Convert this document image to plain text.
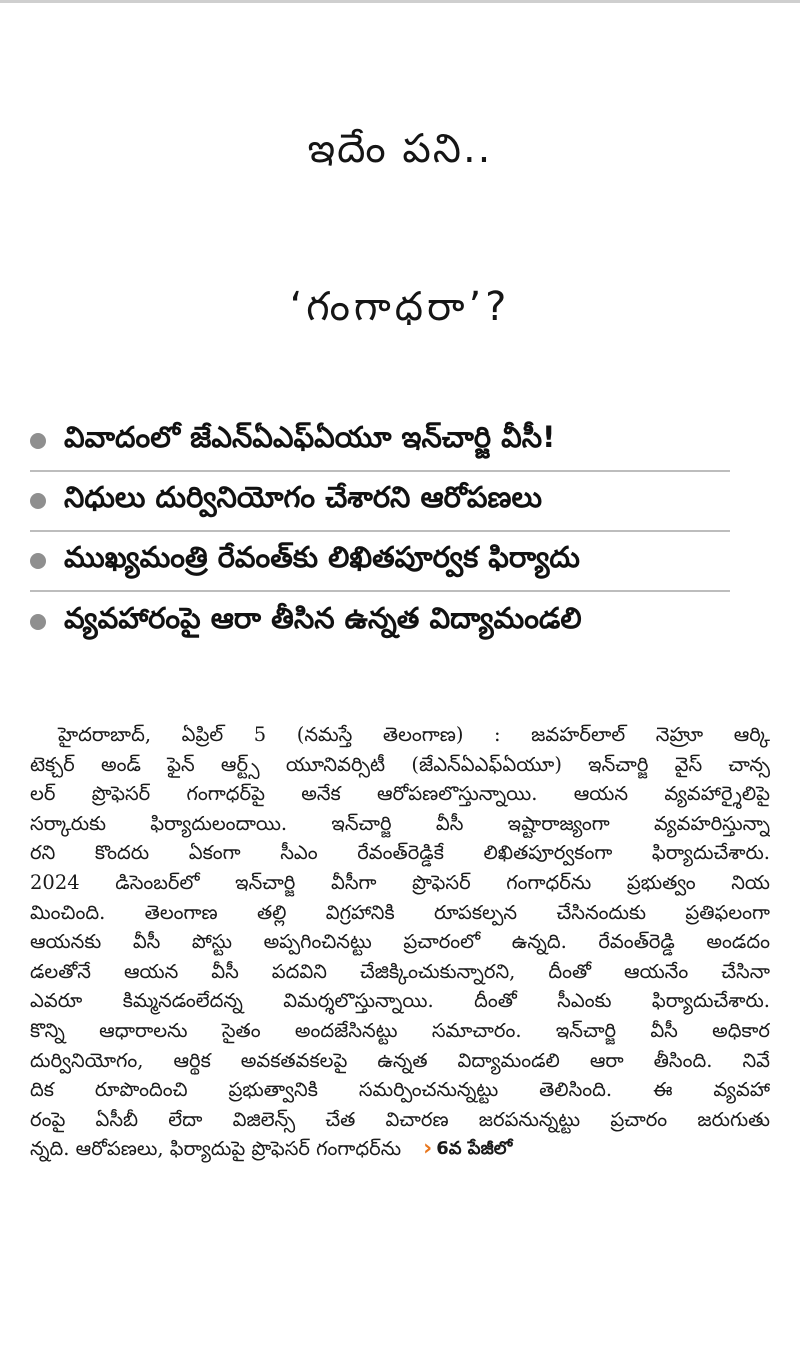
ఇదేం పని..
‘గంగాధరా’?
వివాదంలో జేఎన్‌ఏఎఫ్‌ఏయూ ఇన్‌చార్జి వీసీ!
నిధులు దుర్వినియోగం చేశారని ఆరోపణలు
ముఖ్యమంత్రి రేవంత్‌కు లిఖితపూర్వక ఫిర్యాదు
వ్యవహారంపై ఆరా తీసిన ఉన్నత విద్యామండలి
హైదరాబాద్‌, ఏప్రిల్‌ 5 (నమస్తే తెలంగాణ) : జవహర్‌లాల్‌ నెహ్రూ ఆర్కి
టెక్చర్‌ అండ్‌ ఫైన్‌ ఆర్ట్స్‌ యూనివర్సిటీ (జేఎన్‌ఏఎఫ్‌ఏయూ) ఇన్‌చార్జి వైస్‌ చాన్స
లర్‌ ప్రొఫెసర్‌ గంగాధర్‌పై అనేక ఆరోపణలొస్తున్నాయి. ఆయన వ్యవహార్శైలిపై
సర్కారుకు ఫిర్యాదులందాయి. ఇన్‌చార్జి వీసీ ఇష్టారాజ్యంగా వ్యవహరిస్తున్నా
రని కొందరు ఏకంగా సీఎం రేవంత్‌రెడ్డికే లిఖితపూర్వకంగా ఫిర్యాదుచేశారు.
2024 డిసెంబర్‌లో ఇన్‌చార్జి వీసీగా ప్రొఫెసర్‌ గంగాధర్‌ను ప్రభుత్వం నియ
మించింది. తెలంగాణ తల్లి విగ్రహానికి రూపకల్పన చేసినందుకు ప్రతిఫలంగా
ఆయనకు వీసీ పోస్టు అప్పగించినట్టు ప్రచారంలో ఉన్నది. రేవంత్‌రెడ్డి అండదం
డలతోనే ఆయన వీసీ పదవిని చేజిక్కించుకున్నారని, దీంతో ఆయనేం చేసినా
ఎవరూ కిమ్మనడంలేదన్న విమర్శలొస్తున్నాయి. దీంతో సీఎంకు ఫిర్యాదుచేశారు.
కొన్ని ఆధారాలను సైతం అందజేసినట్టు సమాచారం. ఇన్‌చార్జి వీసీ అధికార
దుర్వినియోగం, ఆర్థిక అవకతవకలపై ఉన్నత విద్యామండలి ఆరా తీసింది. నివే
దిక రూపొందించి ప్రభుత్వానికి సమర్పించనున్నట్టు తెలిసింది. ఈ వ్యవహా
రంపై ఏసీబీ లేదా విజిలెన్స్‌ చేత విచారణ జరపనున్నట్టు ప్రచారం జరుగుతు
న్నది. ఆరోపణలు, ఫిర్యాదుపై ప్రొఫెసర్‌ గంగాధర్‌ను › 6వ పేజీలో
